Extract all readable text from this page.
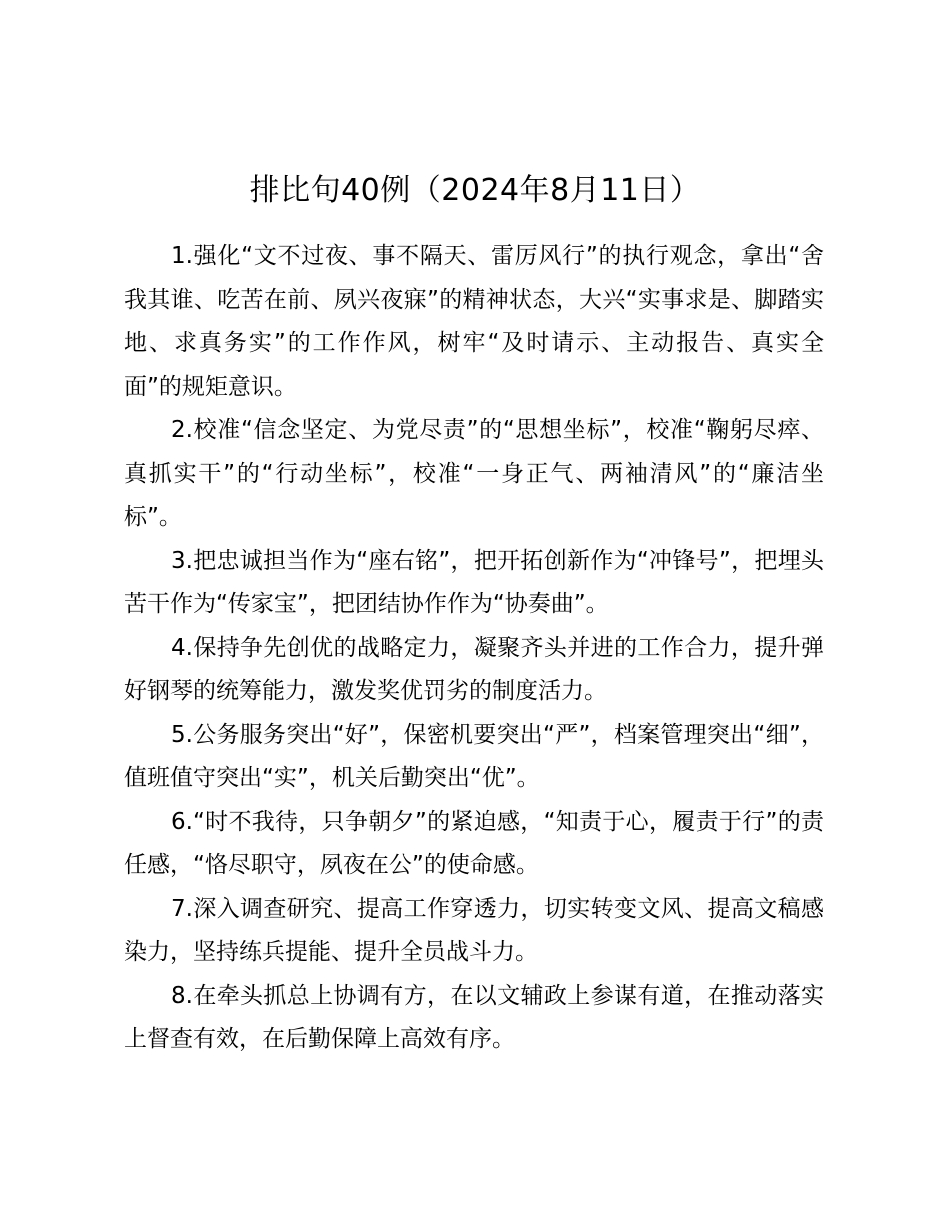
排比句40例（2024年8月11日）

1.强化“文不过夜、事不隔天、雷厉风行”的执行观念，拿出“舍我其谁、吃苦在前、夙兴夜寐”的精神状态，大兴“实事求是、脚踏实地、求真务实”的工作作风，树牢“及时请示、主动报告、真实全面”的规矩意识。

2.校准“信念坚定、为党尽责”的“思想坐标”，校准“鞠躬尽瘁、真抓实干”的“行动坐标”，校准“一身正气、两袖清风”的“廉洁坐标”。

3.把忠诚担当作为“座右铭”，把开拓创新作为“冲锋号”，把埋头苦干作为“传家宝”，把团结协作作为“协奏曲”。

4.保持争先创优的战略定力，凝聚齐头并进的工作合力，提升弹好钢琴的统筹能力，激发奖优罚劣的制度活力。

5.公务服务突出“好”，保密机要突出“严”，档案管理突出“细”，值班值守突出“实”，机关后勤突出“优”。

6.“时不我待，只争朝夕”的紧迫感，“知责于心，履责于行”的责任感，“恪尽职守，夙夜在公”的使命感。

7.深入调查研究、提高工作穿透力，切实转变文风、提高文稿感染力，坚持练兵提能、提升全员战斗力。

8.在牵头抓总上协调有方，在以文辅政上参谋有道，在推动落实上督查有效，在后勤保障上高效有序。
